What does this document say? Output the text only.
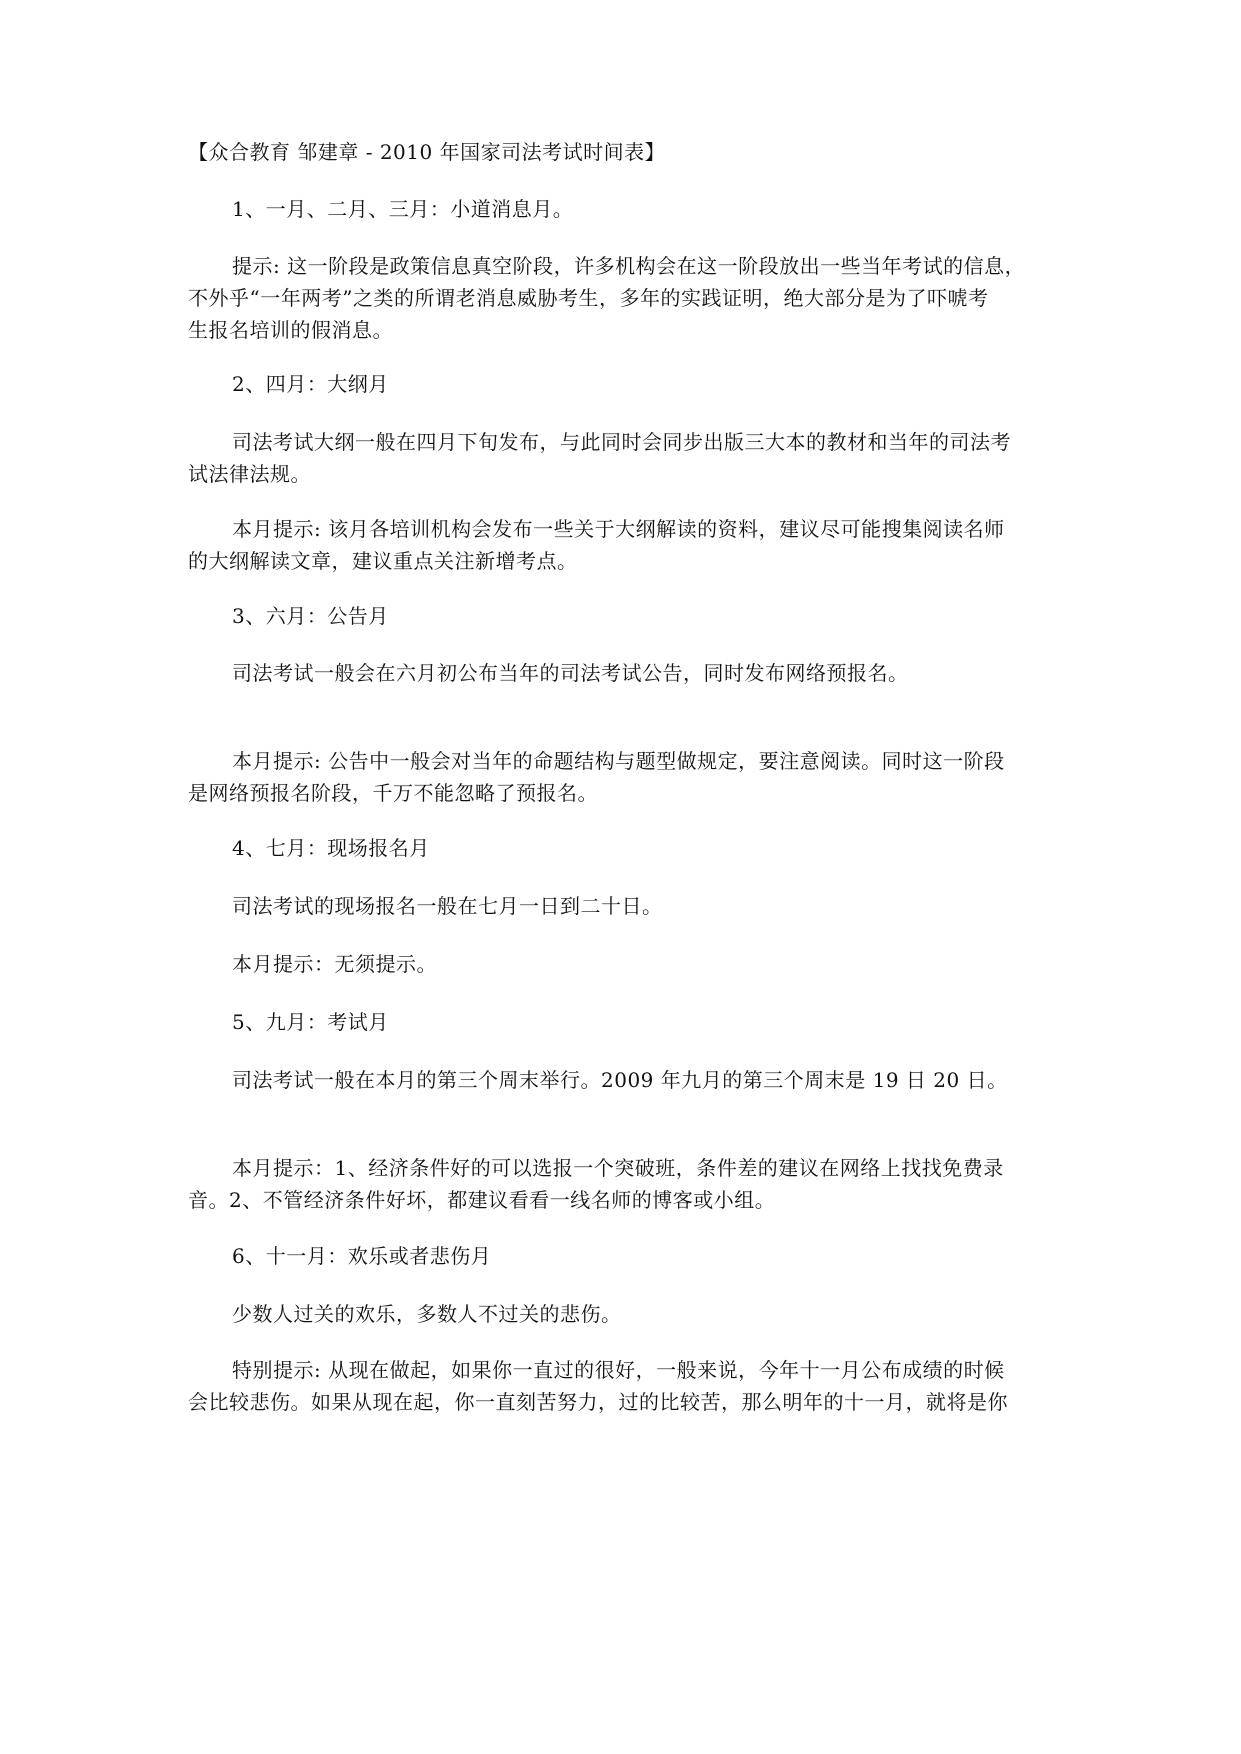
【众合教育 邹建章 - 2010 年国家司法考试时间表】
1、一月、二月、三月：小道消息月。
提示: 这一阶段是政策信息真空阶段，许多机构会在这一阶段放出一些当年考试的信息，
不外乎“一年两考”之类的所谓老消息威胁考生，多年的实践证明，绝大部分是为了吓唬考
生报名培训的假消息。
2、四月：大纲月
司法考试大纲一般在四月下旬发布，与此同时会同步出版三大本的教材和当年的司法考
试法律法规。
本月提示: 该月各培训机构会发布一些关于大纲解读的资料，建议尽可能搜集阅读名师
的大纲解读文章，建议重点关注新增考点。
3、六月：公告月
司法考试一般会在六月初公布当年的司法考试公告，同时发布网络预报名。
本月提示: 公告中一般会对当年的命题结构与题型做规定，要注意阅读。同时这一阶段
是网络预报名阶段，千万不能忽略了预报名。
4、七月：现场报名月
司法考试的现场报名一般在七月一日到二十日。
本月提示：无须提示。
5、九月：考试月
司法考试一般在本月的第三个周末举行。2009 年九月的第三个周末是 19 日 20 日。
本月提示：1、经济条件好的可以选报一个突破班，条件差的建议在网络上找找免费录
音。2、不管经济条件好坏，都建议看看一线名师的博客或小组。
6、十一月：欢乐或者悲伤月
少数人过关的欢乐，多数人不过关的悲伤。
特别提示: 从现在做起，如果你一直过的很好，一般来说，今年十一月公布成绩的时候
会比较悲伤。如果从现在起，你一直刻苦努力，过的比较苦，那么明年的十一月，就将是你
